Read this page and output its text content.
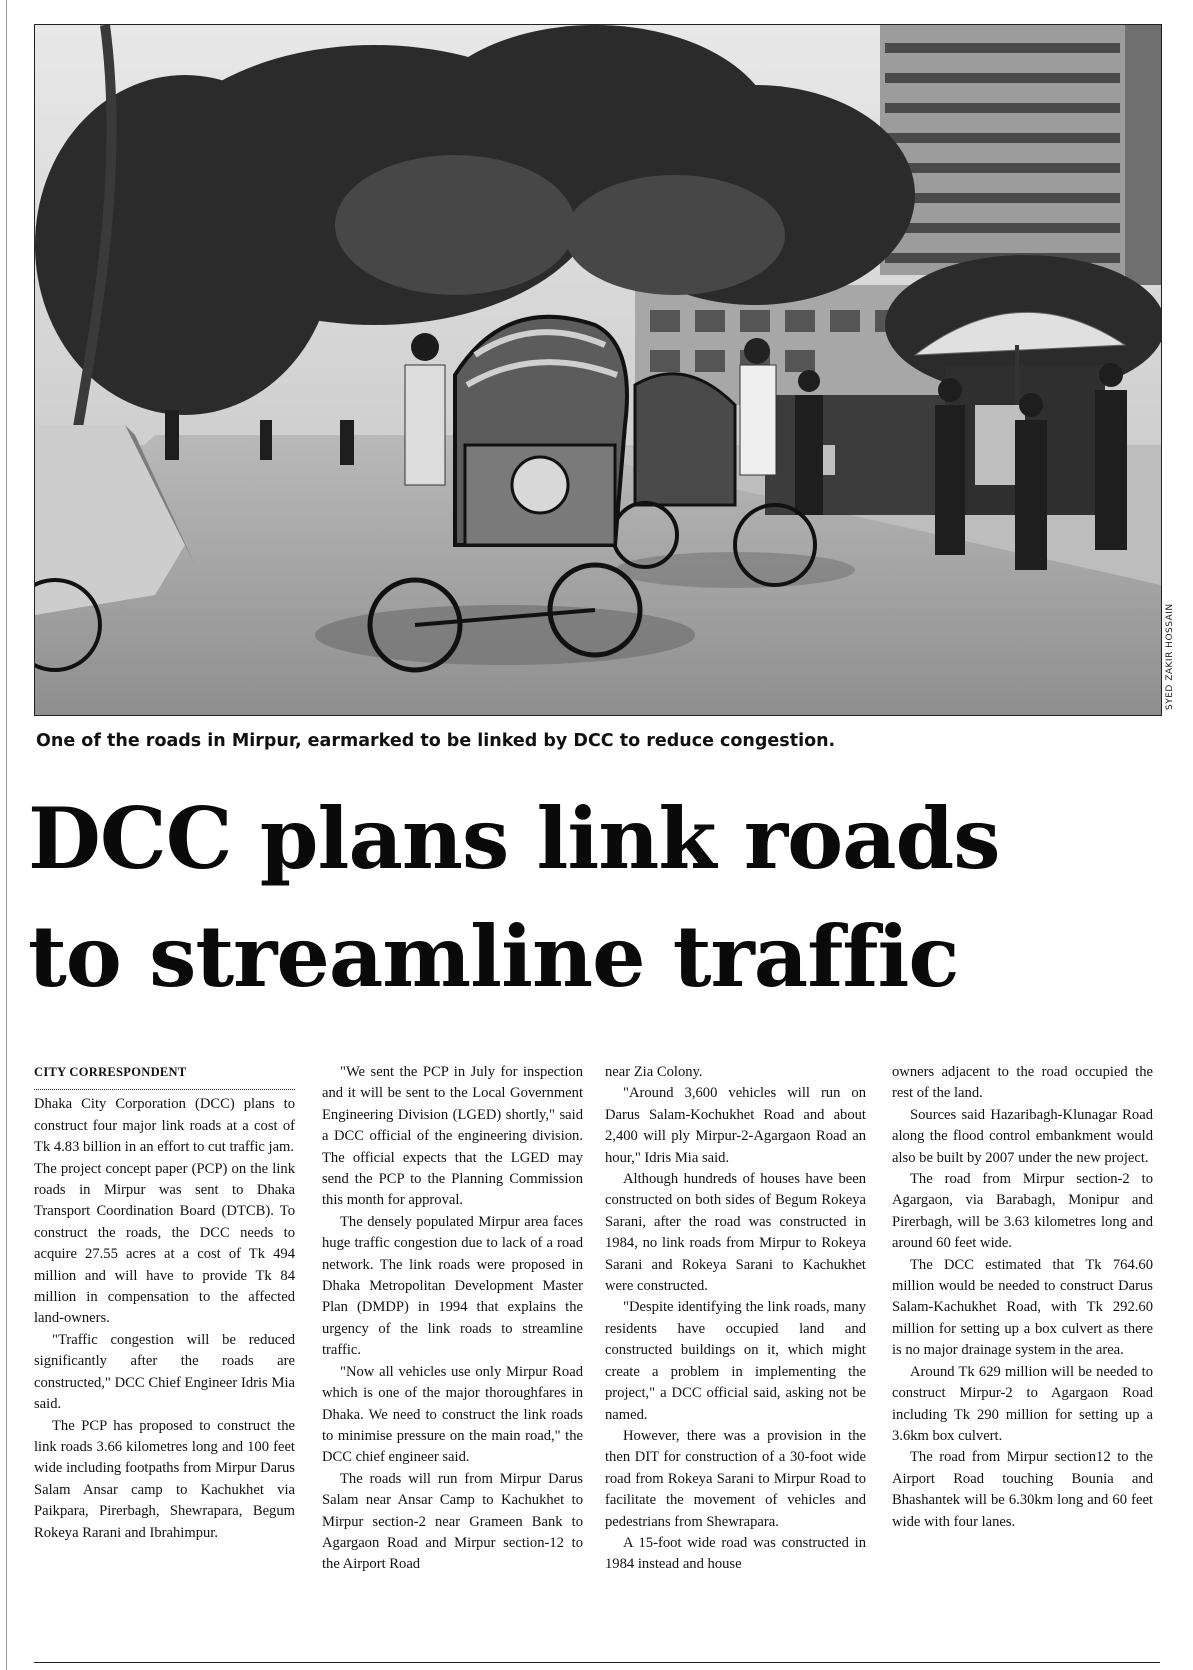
SYED ZAKIR HOSSAIN
One of the roads in Mirpur, earmarked to be linked by DCC to reduce congestion.
DCC plans link roads
to streamline traffic
CITY CORRESPONDENT

Dhaka City Corporation (DCC) plans to construct four major link roads at a cost of Tk 4.83 billion in an effort to cut traffic jam.

The project concept paper (PCP) on the link roads in Mirpur was sent to Dhaka Transport Coordination Board (DTCB). To construct the roads, the DCC needs to acquire 27.55 acres at a cost of Tk 494 million and will have to provide Tk 84 million in compensation to the affected land-owners.

"Traffic congestion will be reduced significantly after the roads are constructed," DCC Chief Engineer Idris Mia said.

The PCP has proposed to construct the link roads 3.66 kilometres long and 100 feet wide including footpaths from Mirpur Darus Salam Ansar camp to Kachukhet via Paikpara, Pirerbagh, Shewrapara, Begum Rokeya Rarani and Ibrahimpur.

"We sent the PCP in July for inspection and it will be sent to the Local Government Engineering Division (LGED) shortly," said a DCC official of the engineering division. The official expects that the LGED may send the PCP to the Planning Commission this month for approval.

The densely populated Mirpur area faces huge traffic congestion due to lack of a road network. The link roads were proposed in Dhaka Metropolitan Development Master Plan (DMDP) in 1994 that explains the urgency of the link roads to streamline traffic.

"Now all vehicles use only Mirpur Road which is one of the major thoroughfares in Dhaka. We need to construct the link roads to minimise pressure on the main road," the DCC chief engineer said.

The roads will run from Mirpur Darus Salam near Ansar Camp to Kachukhet to Mirpur section-2 near Grameen Bank to Agargaon Road and Mirpur section-12 to the Airport Road

near Zia Colony.

"Around 3,600 vehicles will run on Darus Salam-Kochukhet Road and about 2,400 will ply Mirpur-2-Agargaon Road an hour," Idris Mia said.

Although hundreds of houses have been constructed on both sides of Begum Rokeya Sarani, after the road was constructed in 1984, no link roads from Mirpur to Rokeya Sarani and Rokeya Sarani to Kachukhet were constructed.

"Despite identifying the link roads, many residents have occupied land and constructed buildings on it, which might create a problem in implementing the project," a DCC official said, asking not be named.

However, there was a provision in the then DIT for construction of a 30-foot wide road from Rokeya Sarani to Mirpur Road to facilitate the movement of vehicles and pedestrians from Shewrapara.

A 15-foot wide road was constructed in 1984 instead and house

owners adjacent to the road occupied the rest of the land.

Sources said Hazaribagh-Klunagar Road along the flood control embankment would also be built by 2007 under the new project.

The road from Mirpur section-2 to Agargaon, via Barabagh, Monipur and Pirerbagh, will be 3.63 kilometres long and around 60 feet wide.

The DCC estimated that Tk 764.60 million would be needed to construct Darus Salam-Kachukhet Road, with Tk 292.60 million for setting up a box culvert as there is no major drainage system in the area.

Around Tk 629 million will be needed to construct Mirpur-2 to Agargaon Road including Tk 290 million for setting up a 3.6km box culvert.

The road from Mirpur section12 to the Airport Road touching Bounia and Bhashantek will be 6.30km long and 60 feet wide with four lanes.
